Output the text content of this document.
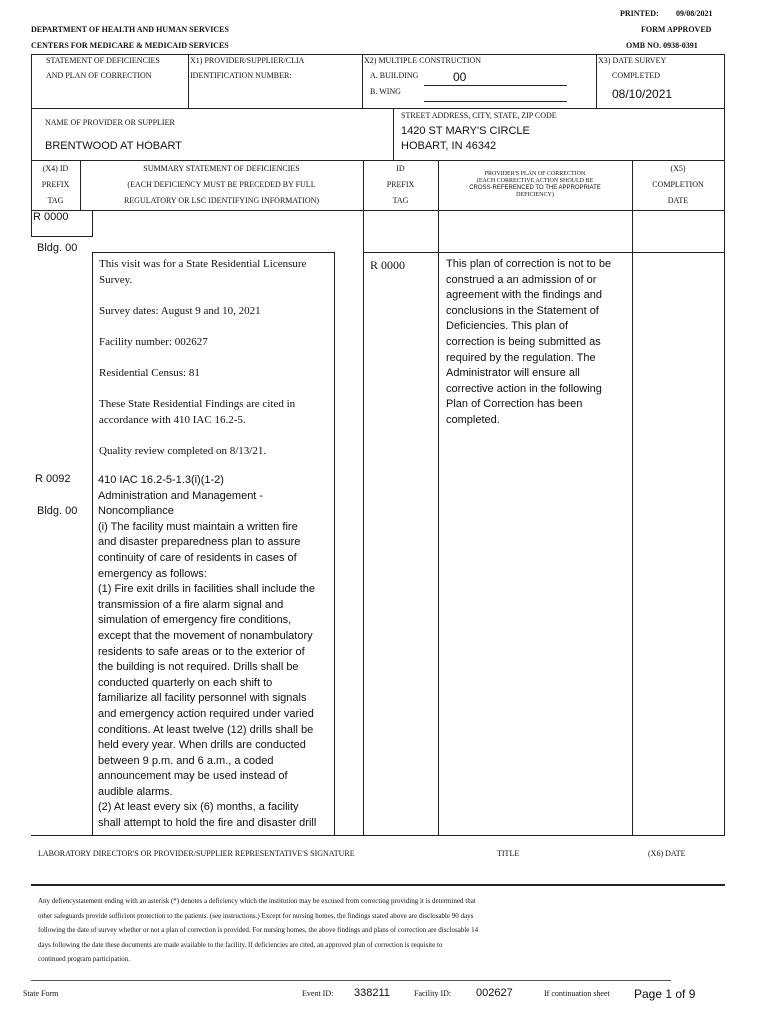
PRINTED: 09/08/2021
DEPARTMENT OF HEALTH AND HUMAN SERVICES	FORM APPROVED
CENTERS FOR MEDICARE & MEDICAID SERVICES	OMB NO. 0938-0391
STATEMENT OF DEFICIENCIES
AND PLAN OF CORRECTION
X1) PROVIDER/SUPPLIER/CLIA
IDENTIFICATION NUMBER:
X2) MULTIPLE CONSTRUCTION
A. BUILDING	00
B. WING
X3) DATE SURVEY
COMPLETED
08/10/2021
NAME OF PROVIDER OR SUPPLIER
BRENTWOOD AT HOBART
STREET ADDRESS, CITY, STATE, ZIP CODE
1420 ST MARY'S CIRCLE
HOBART, IN 46342
(X4) ID
PREFIX
TAG
SUMMARY STATEMENT OF DEFICIENCIES
(EACH DEFICIENCY MUST BE PRECEDED BY FULL
REGULATORY OR LSC IDENTIFYING INFORMATION)
ID
PREFIX
TAG
PROVIDER'S PLAN OF CORRECTION
(EACH CORRECTIVE ACTION SHOULD BE
CROSS-REFERENCED TO THE APPROPRIATE
DEFICIENCY)
(X5)
COMPLETION
DATE
R 0000
Bldg. 00
This visit was for a State Residential Licensure
Survey.
Survey dates: August 9 and 10, 2021
Facility number: 002627
Residential Census: 81
These State Residential Findings are cited in
accordance with 410 IAC 16.2-5.
Quality review completed on 8/13/21.
R 0000	This plan of correction is not to be
construed a an admission of or
agreement with the findings and
conclusions in the Statement of
Deficiencies. This plan of
correction is being submitted as
required by the regulation. The
Administrator will ensure all
corrective action in the following
Plan of Correction has been
completed.
R 0092
Bldg. 00
410 IAC 16.2-5-1.3(i)(1-2)
Administration and Management -
Noncompliance
(i) The facility must maintain a written fire
and disaster preparedness plan to assure
continuity of care of residents in cases of
emergency as follows:
(1) Fire exit drills in facilities shall include the
transmission of a fire alarm signal and
simulation of emergency fire conditions,
except that the movement of nonambulatory
residents to safe areas or to the exterior of
the building is not required. Drills shall be
conducted quarterly on each shift to
familiarize all facility personnel with signals
and emergency action required under varied
conditions. At least twelve (12) drills shall be
held every year. When drills are conducted
between 9 p.m. and 6 a.m., a coded
announcement may be used instead of
audible alarms.
(2) At least every six (6) months, a facility
shall attempt to hold the fire and disaster drill
LABORATORY DIRECTOR'S OR PROVIDER/SUPPLIER REPRESENTATIVE'S SIGNATURE	TITLE	(X6) DATE
Any defiencystatement ending with an asterisk (*) denotes a deficiency which the institution may be excused from correcting providing it is determined that
other safeguards provide sufficient protection to the patients. (see instructions.) Except for nursing homes, the findings stated above are disclosable 90 days
following the date of survey whether or not a plan of correction is provided. For nursing homes, the above findings and plans of correction are disclosable 14
days following the date these documents are made available to the facility. If deficiencies are cited, an approved plan of correction is requisite to
continued program participation.
State Form	Event ID: 338211	Facility ID: 002627	If continuation sheet Page 1 of 9
